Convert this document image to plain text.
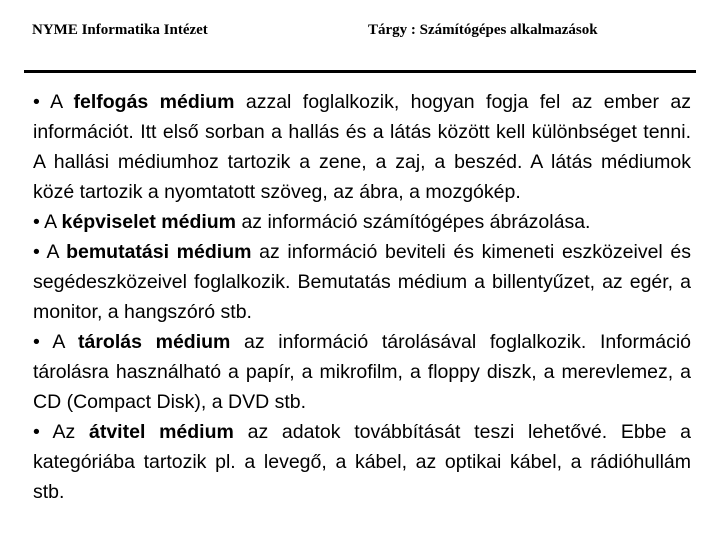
NYME Informatika Intézet	Tárgy : Számítógépes alkalmazások

• A felfogás médium azzal foglalkozik, hogyan fogja fel az ember az információt. Itt első sorban a hallás és a látás között kell különbséget tenni. A hallási médiumhoz tartozik a zene, a zaj, a beszéd. A látás médiumok közé tartozik a nyomtatott szöveg, az ábra, a mozgókép.

• A képviselet médium az információ számítógépes ábrázolása.

• A bemutatási médium az információ beviteli és kimeneti eszközeivel és segédeszközeivel foglalkozik. Bemutatás médium a billentyűzet, az egér, a monitor, a hangszóró stb.

• A tárolás médium az információ tárolásával foglalkozik. Információ tárolásra használható a papír, a mikrofilm, a floppy diszk, a merevlemez, a CD (Compact Disk), a DVD stb.

• Az átvitel médium az adatok továbbítását teszi lehetővé. Ebbe a kategóriába tartozik pl. a levegő, a kábel, az optikai kábel, a rádióhullám stb.
